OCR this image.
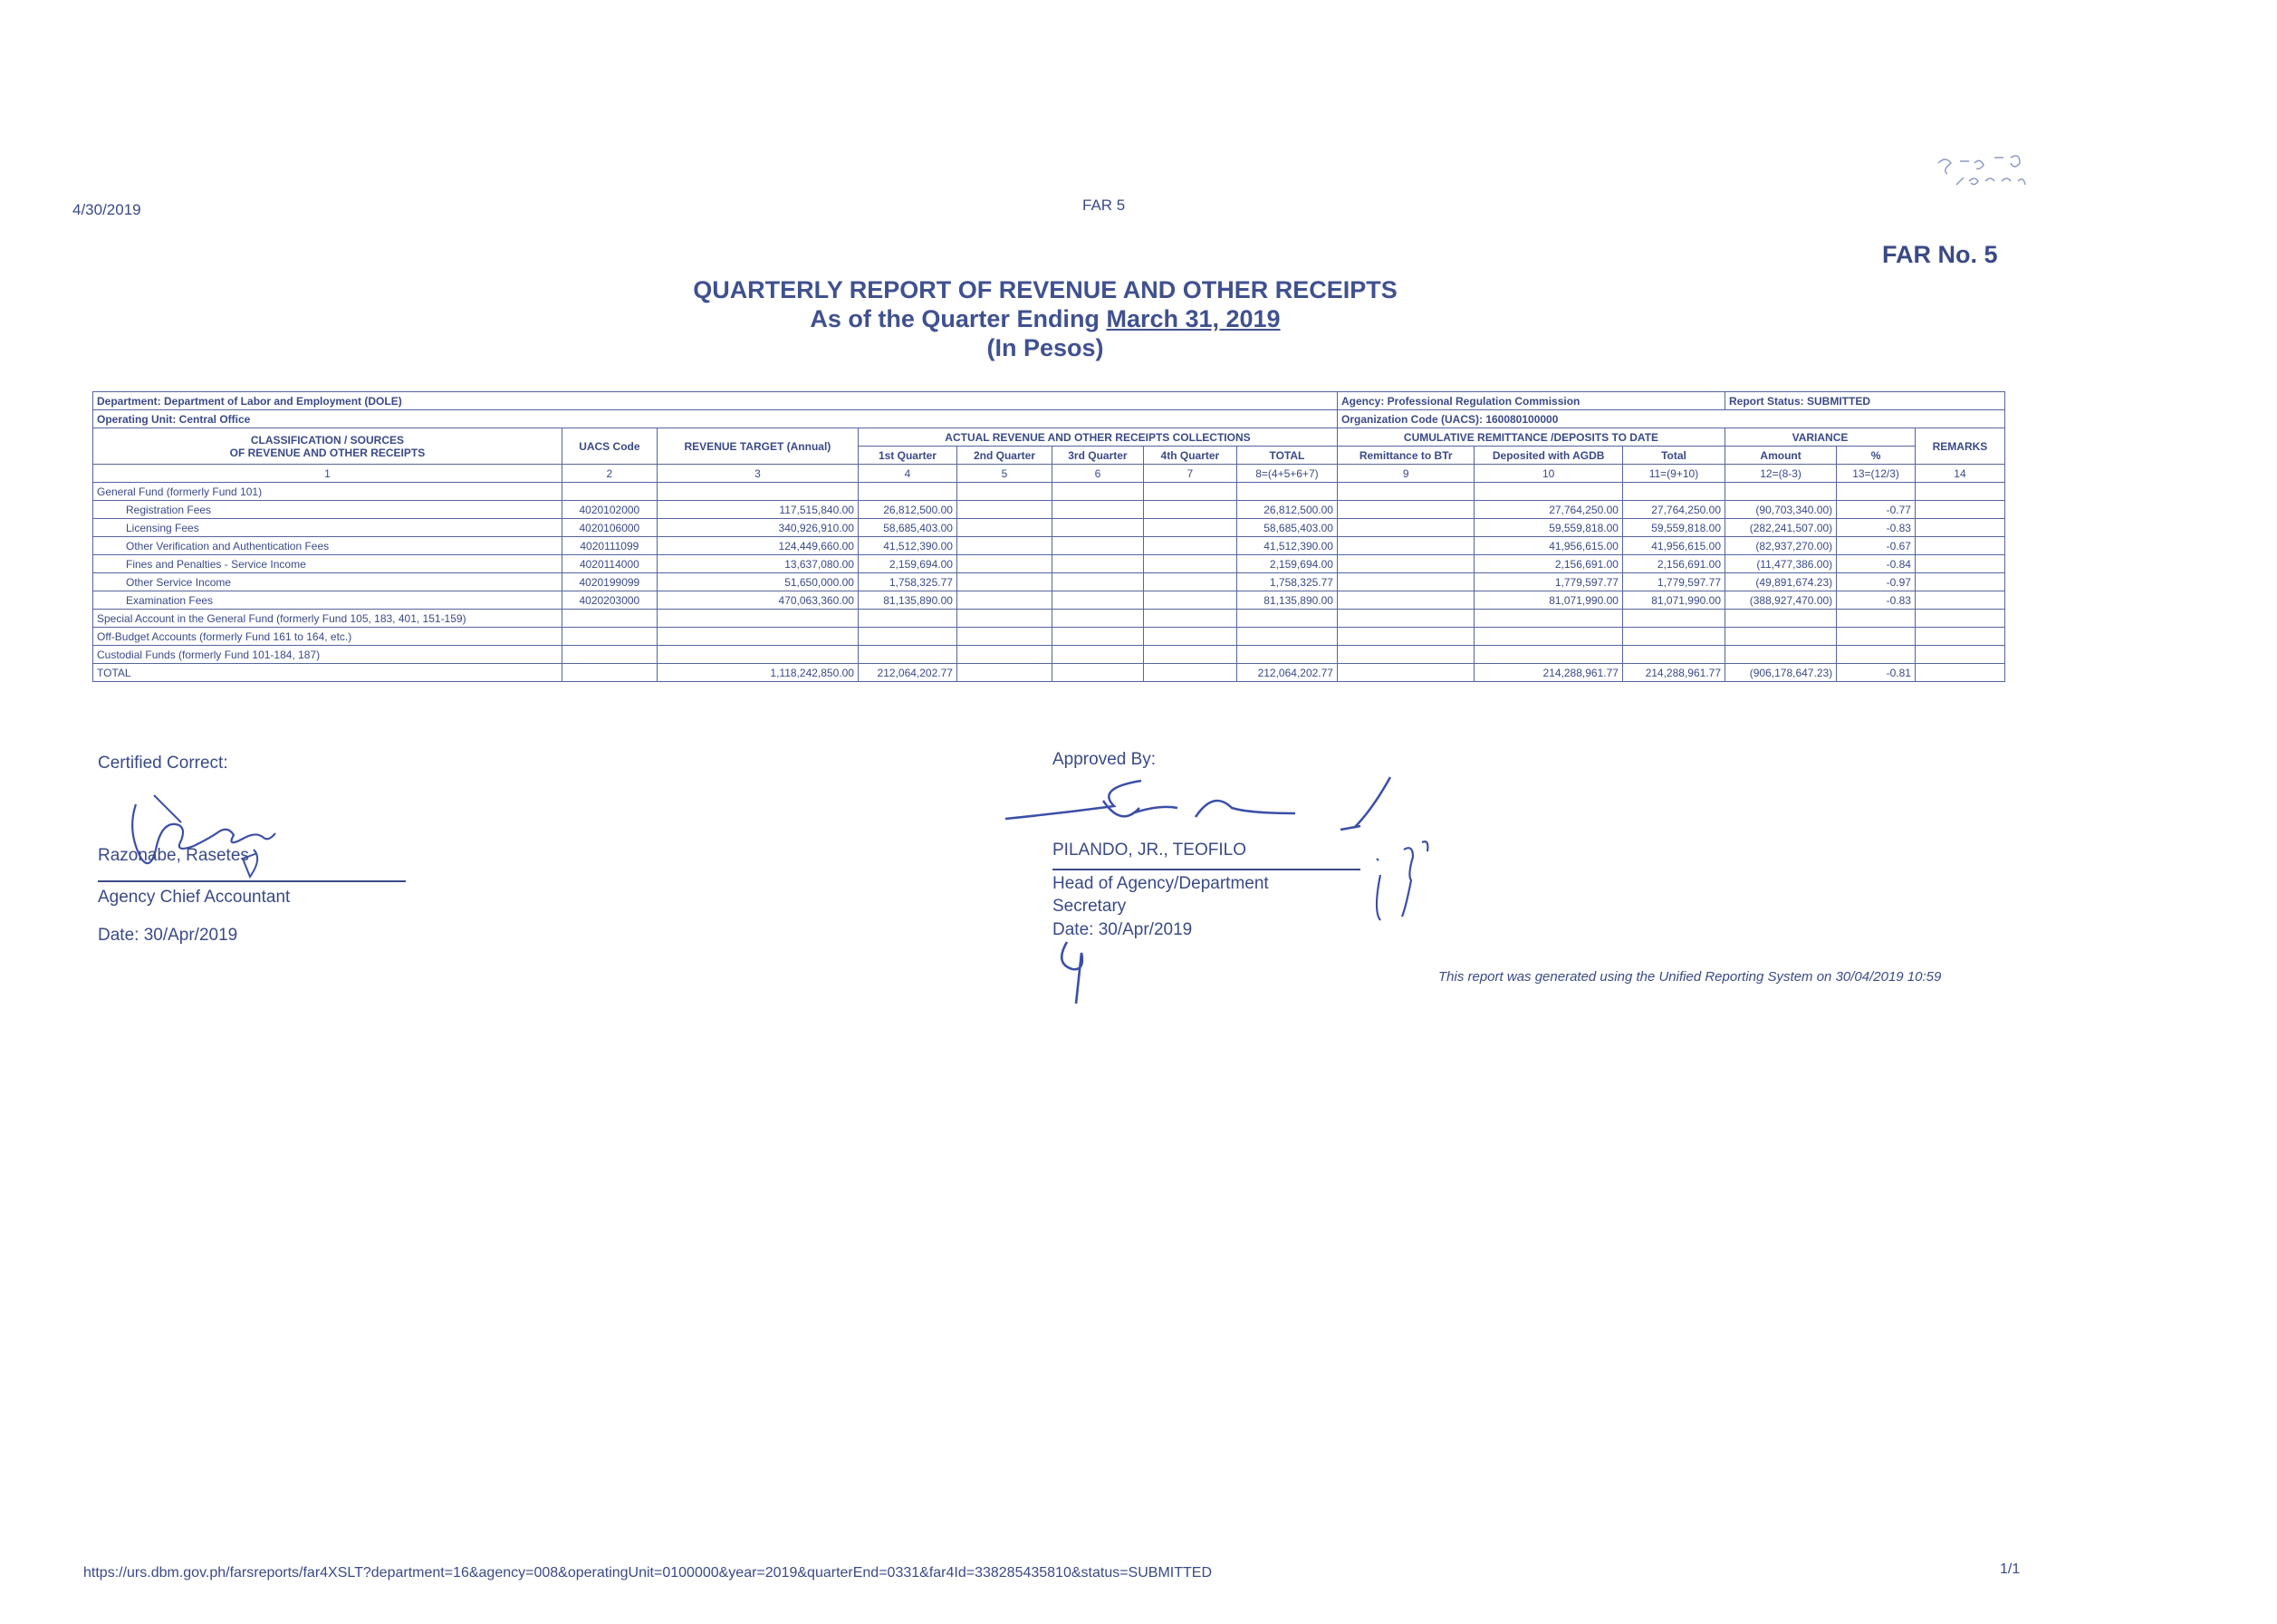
4/30/2019	FAR 5
FAR No. 5
QUARTERLY REPORT OF REVENUE AND OTHER RECEIPTS
As of the Quarter Ending March 31, 2019
(In Pesos)
Department: Department of Labor and Employment (DOLE)								Agency: Professional Regulation Commission			Report Status: SUBMITTED		
Operating Unit: Central Office								Organization Code (UACS): 160080100000					
CLASSIFICATION / SOURCES
OF REVENUE AND OTHER RECEIPTS	UACS Code	REVENUE TARGET (Annual)	ACTUAL REVENUE AND OTHER RECEIPTS COLLECTIONS					CUMULATIVE REMITTANCE /DEPOSITS TO DATE			VARIANCE		REMARKS
			1st Quarter	2nd Quarter	3rd Quarter	4th Quarter	TOTAL	Remittance to BTr	Deposited with AGDB	Total	Amount	%	
1	2	3	4	5	6	7	8=(4+5+6+7)	9	10	11=(9+10)	12=(8-3)	13=(12/3)	14
General Fund (formerly Fund 101)													
Registration Fees	4020102000	117,515,840.00	26,812,500.00				26,812,500.00		27,764,250.00	27,764,250.00	(90,703,340.00)	-0.77	
Licensing Fees	4020106000	340,926,910.00	58,685,403.00				58,685,403.00		59,559,818.00	59,559,818.00	(282,241,507.00)	-0.83	
Other Verification and Authentication Fees	4020111099	124,449,660.00	41,512,390.00				41,512,390.00		41,956,615.00	41,956,615.00	(82,937,270.00)	-0.67	
Fines and Penalties - Service Income	4020114000	13,637,080.00	2,159,694.00				2,159,694.00		2,156,691.00	2,156,691.00	(11,477,386.00)	-0.84	
Other Service Income	4020199099	51,650,000.00	1,758,325.77				1,758,325.77		1,779,597.77	1,779,597.77	(49,891,674.23)	-0.97	
Examination Fees	4020203000	470,063,360.00	81,135,890.00				81,135,890.00		81,071,990.00	81,071,990.00	(388,927,470.00)	-0.83	
Special Account in the General Fund (formerly Fund 105, 183, 401, 151-159)													
Off-Budget Accounts (formerly Fund 161 to 164, etc.)													
Custodial Funds (formerly Fund 101-184, 187)													
TOTAL		1,118,242,850.00	212,064,202.77				212,064,202.77		214,288,961.77	214,288,961.77	(906,178,647.23)	-0.81	
Certified Correct:
Razonabe, Rasetes
Agency Chief Accountant
Date: 30/Apr/2019
Approved By:
PILANDO, JR., TEOFILO
Head of Agency/Department
Secretary
Date: 30/Apr/2019
This report was generated using the Unified Reporting System on 30/04/2019 10:59
https://urs.dbm.gov.ph/farsreports/far4XSLT?department=16&agency=008&operatingUnit=0100000&year=2019&quarterEnd=0331&far4Id=338285435810&status=SUBMITTED	1/1
